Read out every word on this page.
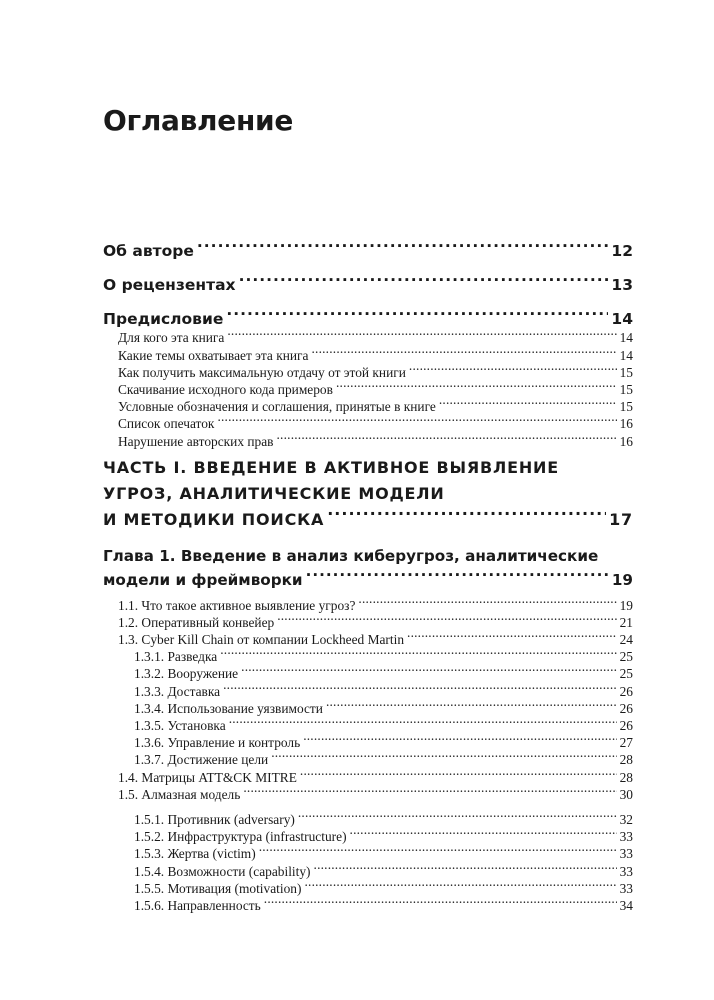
Оглавление
Об авторе .....	12
О рецензентах .....	13
Предисловие .....	14
Для кого эта книга .....	14
Какие темы охватывает эта книга .....	14
Как получить максимальную отдачу от этой книги .....	15
Скачивание исходного кода примеров .....	15
Условные обозначения и соглашения, принятые в книге .....	15
Список опечаток .....	16
Нарушение авторских прав .....	16
ЧАСТЬ I. ВВЕДЕНИЕ В АКТИВНОЕ ВЫЯВЛЕНИЕ
УГРОЗ, АНАЛИТИЧЕСКИЕ МОДЕЛИ
И МЕТОДИКИ ПОИСКА .....	17
Глава 1. Введение в анализ киберугроз, аналитические
модели и фреймворки .....	19
1.1. Что такое активное выявление угроз? .....	19
1.2. Оперативный конвейер .....	21
1.3. Cyber Kill Chain от компании Lockheed Martin .....	24
1.3.1. Разведка .....	25
1.3.2. Вооружение .....	25
1.3.3. Доставка .....	26
1.3.4. Использование уязвимости .....	26
1.3.5. Установка .....	26
1.3.6. Управление и контроль .....	27
1.3.7. Достижение цели .....	28
1.4. Матрицы ATT&CK MITRE .....	28
1.5. Алмазная модель .....	30
1.5.1. Противник (adversary) .....	32
1.5.2. Инфраструктура (infrastructure) .....	33
1.5.3. Жертва (victim) .....	33
1.5.4. Возможности (capability) .....	33
1.5.5. Мотивация (motivation) .....	33
1.5.6. Направленность .....	34
